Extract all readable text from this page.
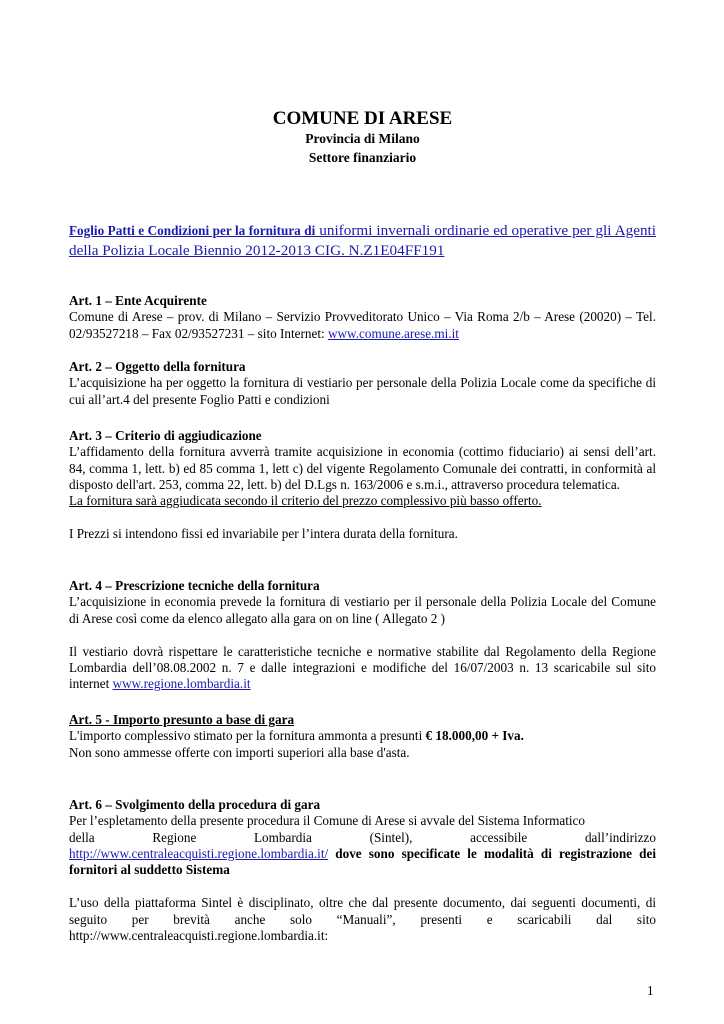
COMUNE DI ARESE
Provincia di Milano
Settore finanziario
Foglio Patti e Condizioni per la fornitura di uniformi invernali ordinarie ed operative per gli Agenti della Polizia Locale Biennio 2012-2013 CIG. N.Z1E04FF191

Art. 1 – Ente Acquirente

Comune di Arese – prov. di Milano – Servizio Provveditorato Unico – Via Roma 2/b – Arese (20020) – Tel. 02/93527218 – Fax 02/93527231 – sito Internet: www.comune.arese.mi.it

Art. 2 – Oggetto della fornitura

L’acquisizione ha per oggetto la fornitura di vestiario per personale della Polizia Locale come da specifiche di cui all’art.4 del presente Foglio Patti e condizioni

Art. 3 – Criterio di aggiudicazione

L’affidamento della fornitura avverrà tramite acquisizione in economia (cottimo fiduciario) ai sensi dell’art. 84, comma 1, lett. b) ed 85 comma 1, lett c) del vigente Regolamento Comunale dei contratti, in conformità al disposto dell'art. 253, comma 22, lett. b) del D.Lgs n. 163/2006 e s.m.i., attraverso procedura telematica.

La fornitura sarà aggiudicata secondo il criterio del prezzo complessivo più basso offerto.

I Prezzi si intendono fissi ed invariabile per l’intera durata della fornitura.

Art. 4 – Prescrizione tecniche della fornitura

L’acquisizione in economia prevede la fornitura di vestiario per il personale della Polizia Locale del Comune di Arese così come da elenco allegato alla gara on on line ( Allegato 2 )

Il vestiario dovrà rispettare le caratteristiche tecniche e normative stabilite dal Regolamento della Regione Lombardia dell’08.08.2002 n. 7 e dalle integrazioni e modifiche del 16/07/2003 n. 13 scaricabile sul sito internet www.regione.lombardia.it

Art. 5 - Importo presunto a base di gara

L'importo complessivo stimato per la fornitura ammonta a presunti € 18.000,00 + Iva.

Non sono ammesse offerte con importi superiori alla base d'asta.

Art. 6 – Svolgimento della procedura di gara

Per l’espletamento della presente procedura il Comune di Arese si avvale del Sistema Informatico

della	Regione	Lombardia	(Sintel),	accessibile	dall’indirizzo

http://www.centraleacquisti.regione.lombardia.it/ dove sono specificate le modalità di registrazione dei fornitori al suddetto Sistema

L’uso della piattaforma Sintel è disciplinato, oltre che dal presente documento, dai seguenti documenti, di seguito per brevità anche solo “Manuali”, presenti e scaricabili dal sito http://www.centraleacquisti.regione.lombardia.it:

1
